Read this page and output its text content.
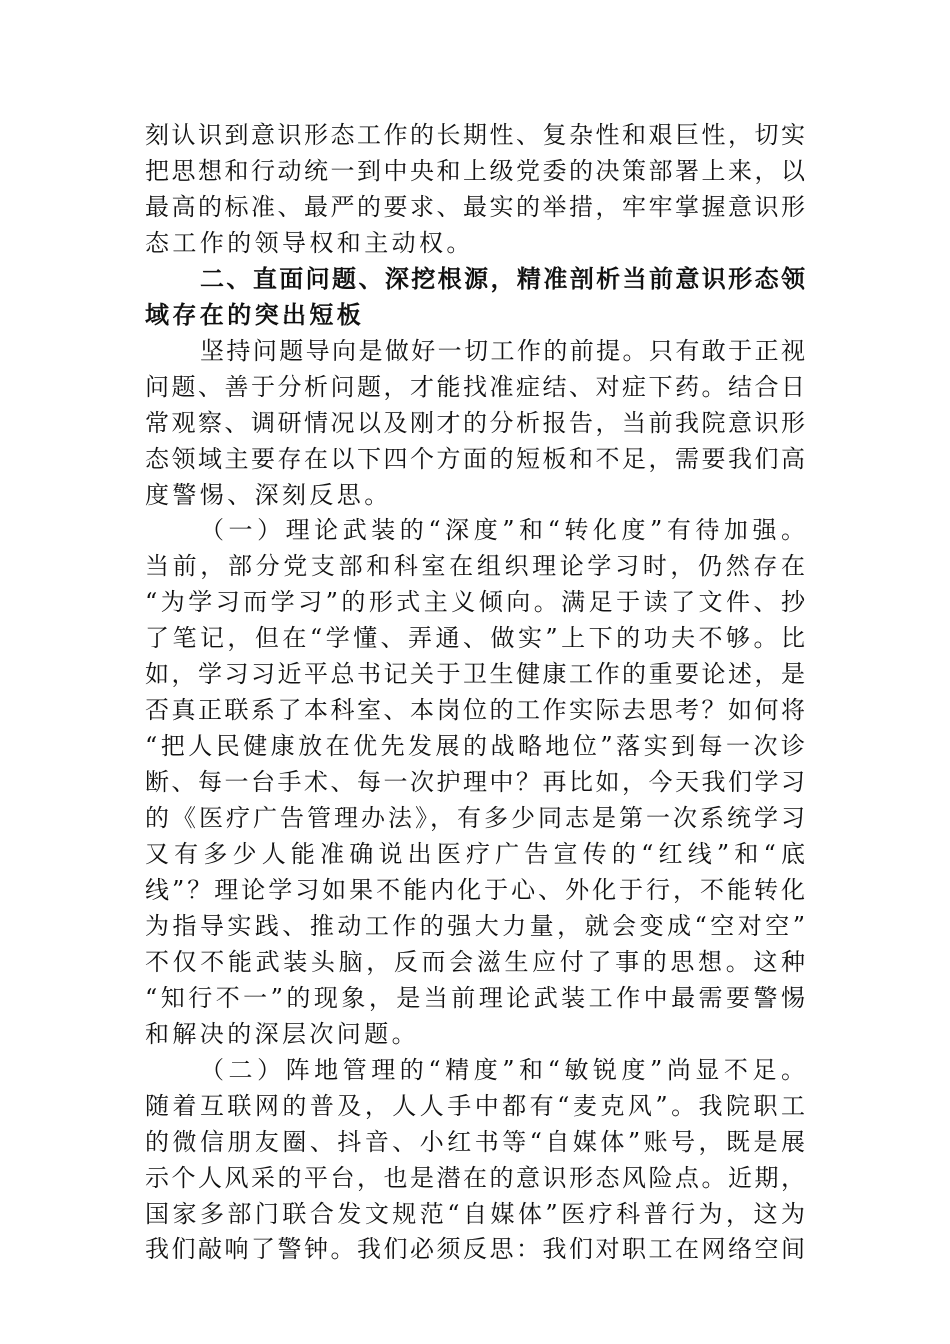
刻认识到意识形态工作的长期性、复杂性和艰巨性，切实
把思想和行动统一到中央和上级党委的决策部署上来，以
最高的标准、最严的要求、最实的举措，牢牢掌握意识形
态工作的领导权和主动权。
二、直面问题、深挖根源，精准剖析当前意识形态领
域存在的突出短板
坚持问题导向是做好一切工作的前提。只有敢于正视
问题、善于分析问题，才能找准症结、对症下药。结合日
常观察、调研情况以及刚才的分析报告，当前我院意识形
态领域主要存在以下四个方面的短板和不足，需要我们高
度警惕、深刻反思。
（一）理论武装的“深度”和“转化度”有待加强。
当前，部分党支部和科室在组织理论学习时，仍然存在
“为学习而学习”的形式主义倾向。满足于读了文件、抄
了笔记，但在“学懂、弄通、做实”上下的功夫不够。比
如，学习习近平总书记关于卫生健康工作的重要论述，是
否真正联系了本科室、本岗位的工作实际去思考？如何将
“把人民健康放在优先发展的战略地位”落实到每一次诊
断、每一台手术、每一次护理中？再比如，今天我们学习
的《医疗广告管理办法》，有多少同志是第一次系统学习
又有多少人能准确说出医疗广告宣传的“红线”和“底
线”？理论学习如果不能内化于心、外化于行，不能转化
为指导实践、推动工作的强大力量，就会变成“空对空”
不仅不能武装头脑，反而会滋生应付了事的思想。这种
“知行不一”的现象，是当前理论武装工作中最需要警惕
和解决的深层次问题。
（二）阵地管理的“精度”和“敏锐度”尚显不足。
随着互联网的普及，人人手中都有“麦克风”。我院职工
的微信朋友圈、抖音、小红书等“自媒体”账号，既是展
示个人风采的平台，也是潜在的意识形态风险点。近期，
国家多部门联合发文规范“自媒体”医疗科普行为，这为
我们敲响了警钟。我们必须反思：我们对职工在网络空间
